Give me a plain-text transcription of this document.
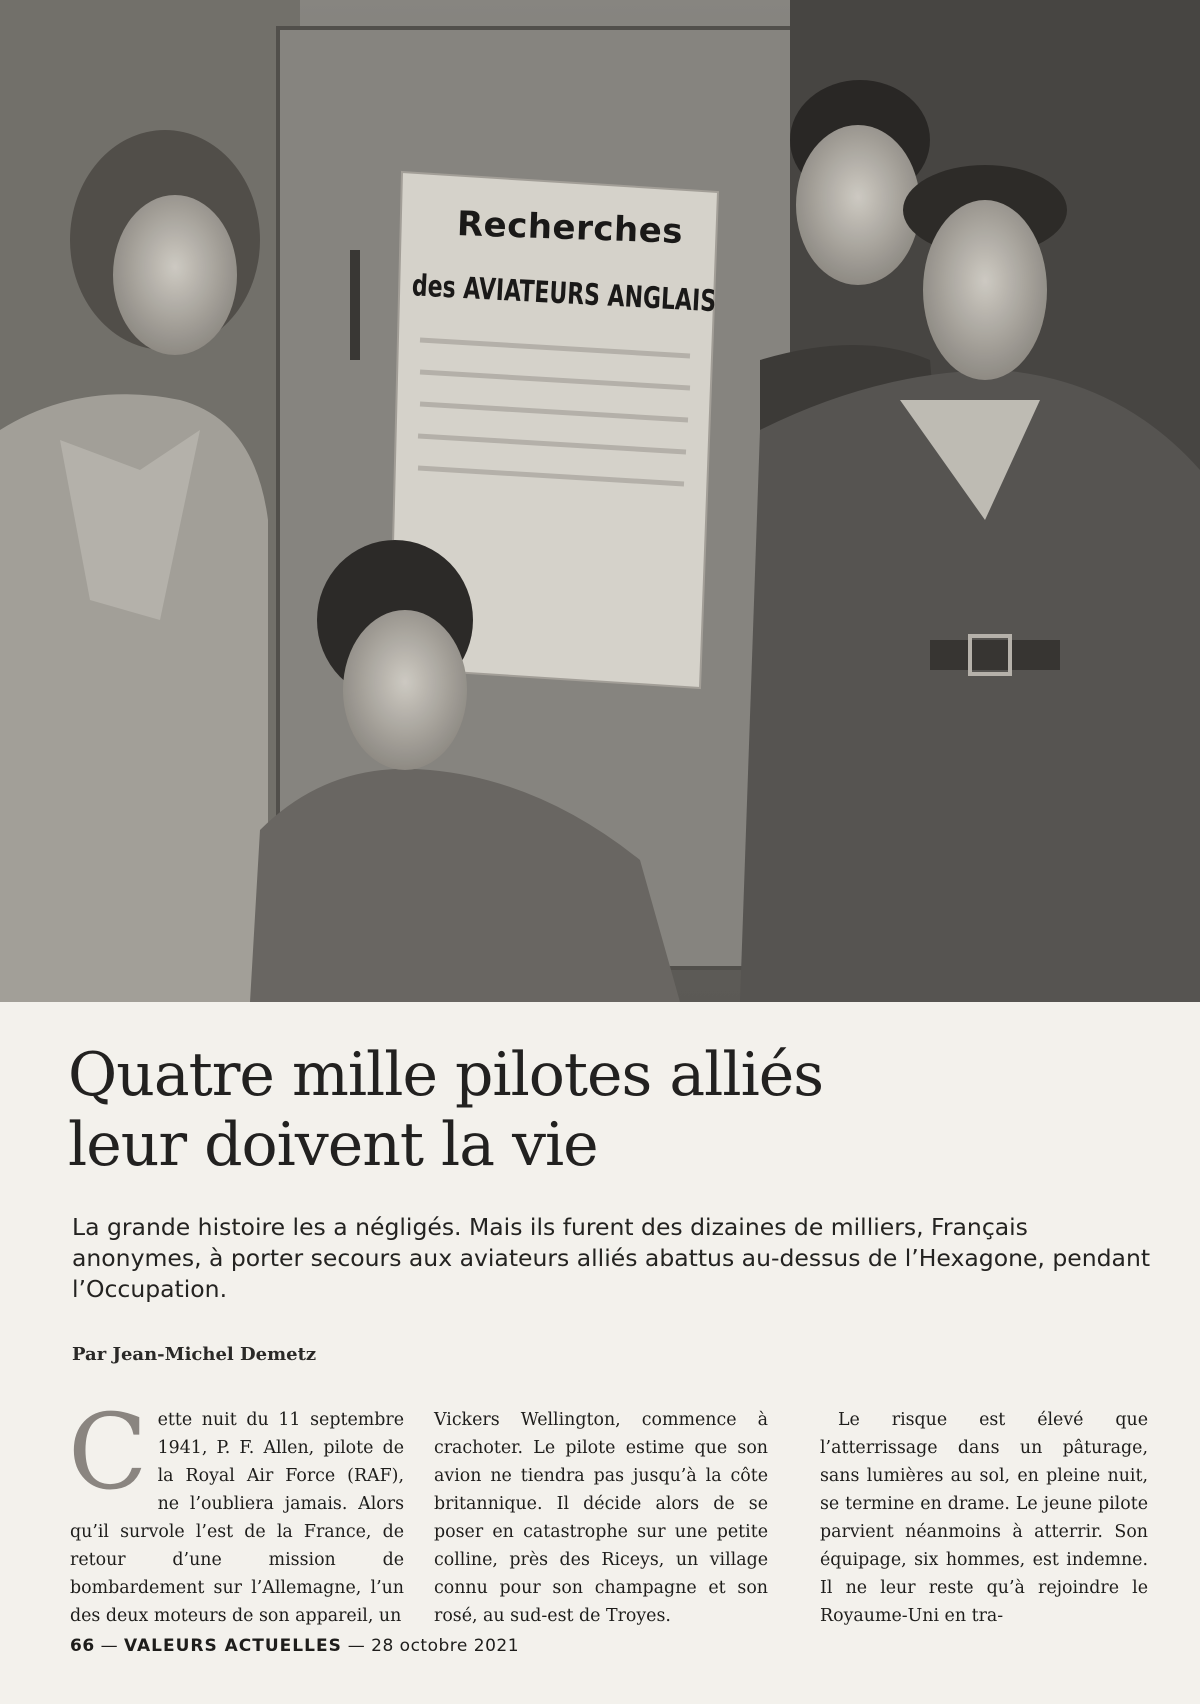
Recherches
des AVIATEURS ANGLAIS
Quatre mille pilotes alliés
leur doivent la vie

La grande histoire les a négligés. Mais ils furent des dizaines de milliers, Français anonymes, à porter secours aux aviateurs alliés abattus au-dessus de l’Hexagone, pendant l’Occupation.

Par Jean-Michel Demetz

C ette nuit du 11 septembre 1941, P. F. Allen, pilote de la Royal Air Force (RAF), ne l’oubliera jamais. Alors qu’il survole l’est de la France, de retour d’une mission de bombardement sur l’Allemagne, l’un des deux moteurs de son appareil, un

Vickers Wellington, commence à crachoter. Le pilote estime que son avion ne tiendra pas jusqu’à la côte britannique. Il décide alors de se poser en catastrophe sur une petite colline, près des Riceys, un village connu pour son champagne et son rosé, au sud-est de Troyes.

Le risque est élevé que l’atterrissage dans un pâturage, sans lumières au sol, en pleine nuit, se termine en drame. Le jeune pilote parvient néanmoins à atterrir. Son équipage, six hommes, est indemne. Il ne leur reste qu’à rejoindre le Royaume-Uni en tra-

66 — VALEURS ACTUELLES — 28 octobre 2021
